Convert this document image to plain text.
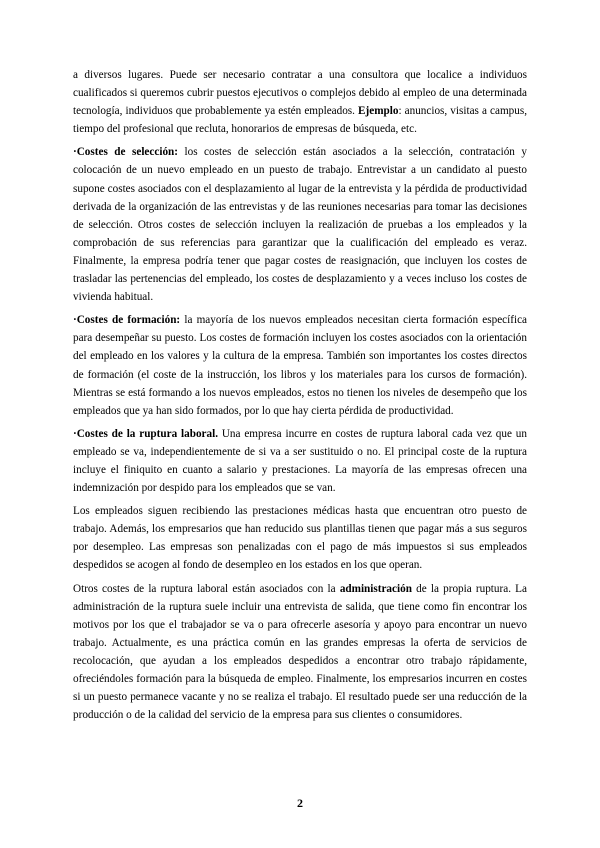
a diversos lugares. Puede ser necesario contratar a una consultora que localice a individuos cualificados si queremos cubrir puestos ejecutivos o complejos debido al empleo de una determinada tecnología, individuos que probablemente ya estén empleados. Ejemplo: anuncios, visitas a campus, tiempo del profesional que recluta, honorarios de empresas de búsqueda, etc.

·Costes de selección: los costes de selección están asociados a la selección, contratación y colocación de un nuevo empleado en un puesto de trabajo. Entrevistar a un candidato al puesto supone costes asociados con el desplazamiento al lugar de la entrevista y la pérdida de productividad derivada de la organización de las entrevistas y de las reuniones necesarias para tomar las decisiones de selección. Otros costes de selección incluyen la realización de pruebas a los empleados y la comprobación de sus referencias para garantizar que la cualificación del empleado es veraz. Finalmente, la empresa podría tener que pagar costes de reasignación, que incluyen los costes de trasladar las pertenencias del empleado, los costes de desplazamiento y a veces incluso los costes de vivienda habitual.

·Costes de formación: la mayoría de los nuevos empleados necesitan cierta formación específica para desempeñar su puesto. Los costes de formación incluyen los costes asociados con la orientación del empleado en los valores y la cultura de la empresa. También son importantes los costes directos de formación (el coste de la instrucción, los libros y los materiales para los cursos de formación). Mientras se está formando a los nuevos empleados, estos no tienen los niveles de desempeño que los empleados que ya han sido formados, por lo que hay cierta pérdida de productividad.

·Costes de la ruptura laboral. Una empresa incurre en costes de ruptura laboral cada vez que un empleado se va, independientemente de si va a ser sustituido o no. El principal coste de la ruptura incluye el finiquito en cuanto a salario y prestaciones. La mayoría de las empresas ofrecen una indemnización por despido para los empleados que se van.

Los empleados siguen recibiendo las prestaciones médicas hasta que encuentran otro puesto de trabajo. Además, los empresarios que han reducido sus plantillas tienen que pagar más a sus seguros por desempleo. Las empresas son penalizadas con el pago de más impuestos si sus empleados despedidos se acogen al fondo de desempleo en los estados en los que operan.

Otros costes de la ruptura laboral están asociados con la administración de la propia ruptura. La administración de la ruptura suele incluir una entrevista de salida, que tiene como fin encontrar los motivos por los que el trabajador se va o para ofrecerle asesoría y apoyo para encontrar un nuevo trabajo. Actualmente, es una práctica común en las grandes empresas la oferta de servicios de recolocación, que ayudan a los empleados despedidos a encontrar otro trabajo rápidamente, ofreciéndoles formación para la búsqueda de empleo. Finalmente, los empresarios incurren en costes si un puesto permanece vacante y no se realiza el trabajo. El resultado puede ser una reducción de la producción o de la calidad del servicio de la empresa para sus clientes o consumidores.

2
